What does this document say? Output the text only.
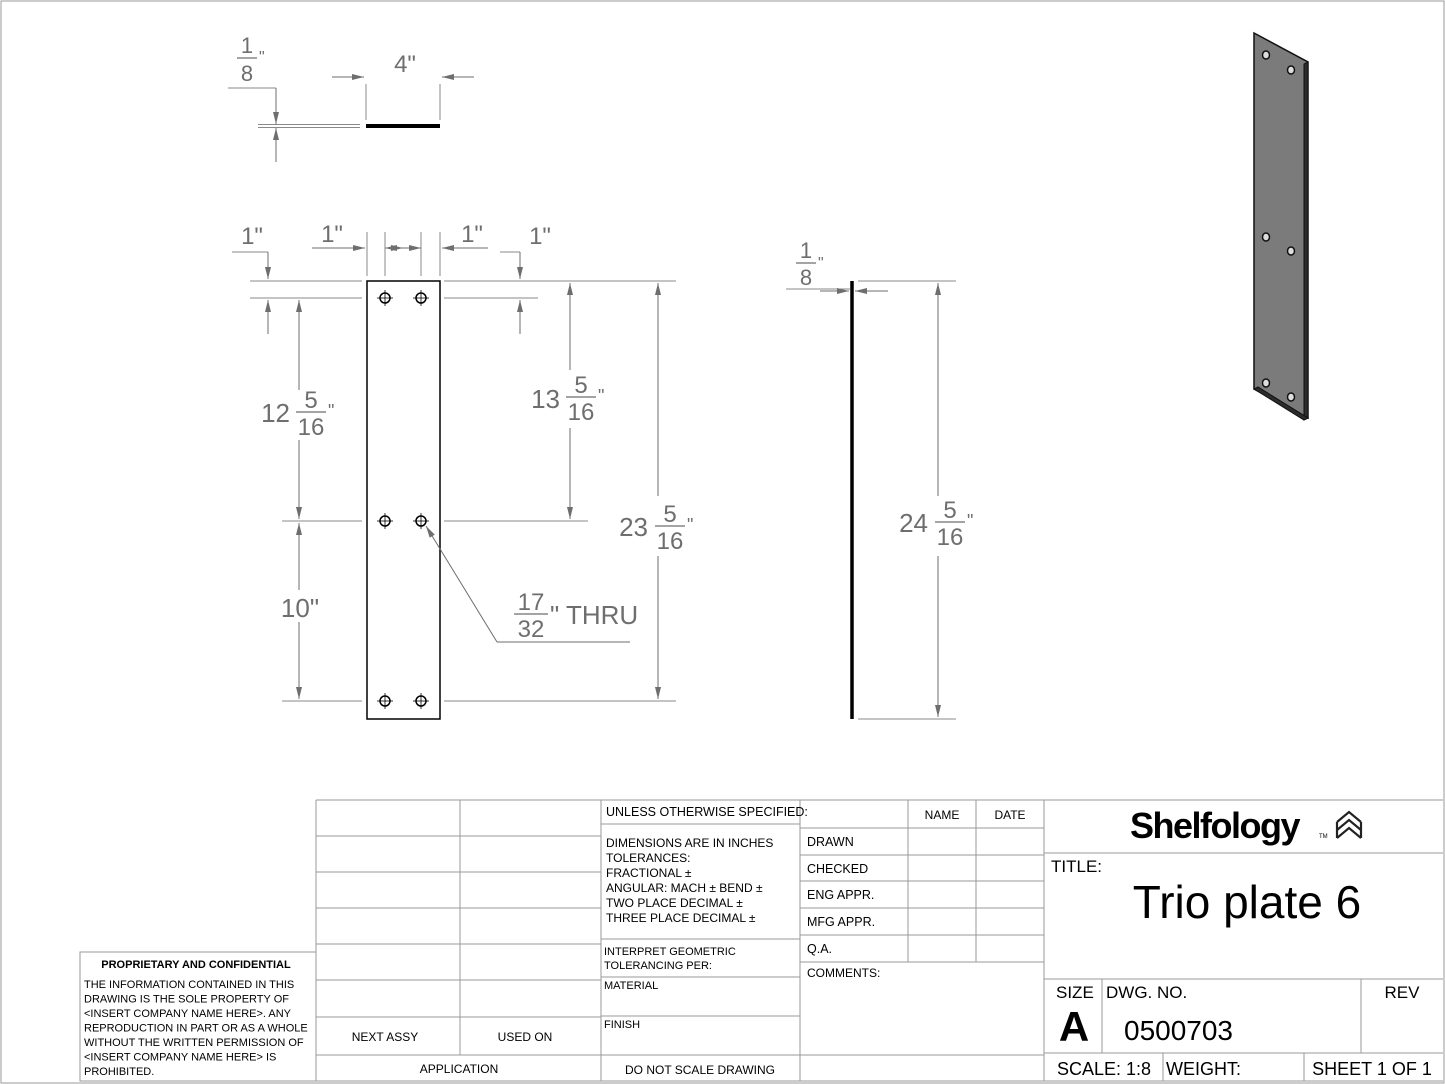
1
8
"	4"
1" 1"	1" 1"
12 5
16
"
10"
13 5
16
"
23 5
16
"
17
32 " THRU
1
8
"
24 5
16
"
PROPRIETARY AND CONFIDENTIAL
THE INFORMATION CONTAINED IN THIS
DRAWING IS THE SOLE PROPERTY OF
<INSERT COMPANY NAME HERE>. ANY
REPRODUCTION IN PART OR AS A WHOLE
WITHOUT THE WRITTEN PERMISSION OF
<INSERT COMPANY NAME HERE> IS
PROHIBITED.
NEXT ASSY	USED ON
APPLICATION
UNLESS OTHERWISE SPECIFIED:
DIMENSIONS ARE IN INCHES
TOLERANCES:
FRACTIONAL ±
ANGULAR: MACH ± BEND ±
TWO PLACE DECIMAL ±
THREE PLACE DECIMAL ±
INTERPRET GEOMETRIC
TOLERANCING PER:
MATERIAL
FINISH
DO NOT SCALE DRAWING
NAME	DATE
DRAWN
CHECKED
ENG APPR.
MFG APPR.
Q.A.
COMMENTS:
Shelfology	TM
TITLE:
Trio plate 6
SIZE
A
DWG. NO.
0500703
REV
SCALE: 1:8 WEIGHT:	SHEET 1 OF 1
